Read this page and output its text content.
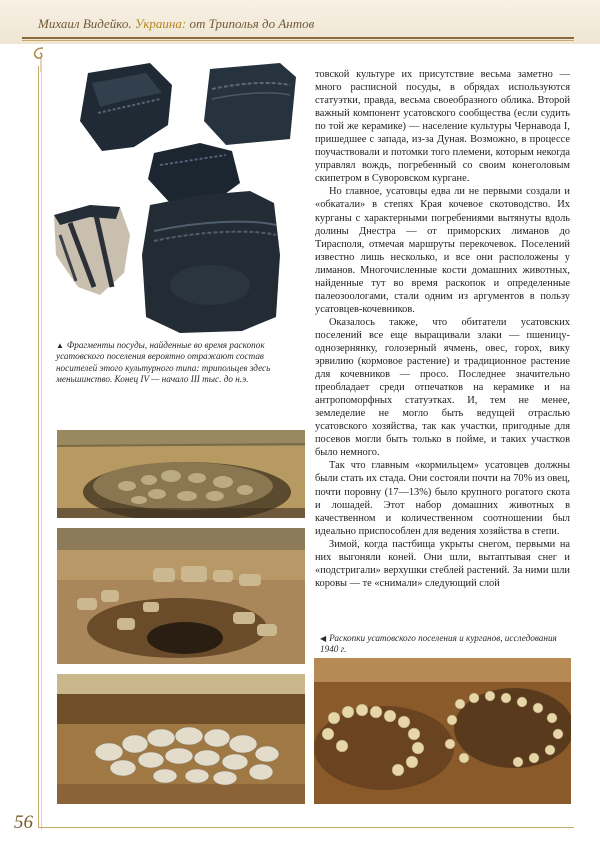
Михаил Видейко. Украина: от Триполья до Антов
▲ Фрагменты посуды, найденные во время раскопок усатовского поселения вероятно отражают состав носителей этого культурного типа: трипольцев здесь меньшинство. Конец IV — начало III тыс. до н.э.
◀ Раскопки усатовского поселения и курганов, исследования 1940 г.

товской культуре их присутствие весьма заметно — много расписной посуды, в обрядах используются статуэтки, правда, весьма своеобразного облика. Второй важный компонент усатовского сообщества (если судить по той же керамике) — население культуры Чернавода I, пришедшее с запада, из-за Дуная. Возможно, в процессе поучаствовали и потомки того племени, которым некогда управлял вождь, погребенный со своим конеголовым скипетром в Суворовском кургане.

Но главное, усатовцы едва ли не первыми создали и «обкатали» в степях Края кочевое скотоводство. Их курганы с характерными погребениями вытянуты вдоль долины Днестра — от приморских лиманов до Тирасполя, отмечая маршруты перекочевок. Поселений известно лишь несколько, и все они расположены у лиманов. Многочисленные кости домашних животных, найденные тут во время раскопок и определенные палеозоологами, стали одним из аргументов в пользу усатовцев-кочевников.

Оказалось также, что обитатели усатовских поселений все еще выращивали злаки — пшеницу-однозернянку, голозерный ячмень, овес, горох, вику эрвилию (кормовое растение) и традиционное растение для кочевников — просо. Последнее значительно преобладает среди отпечатков на керамике и на антропоморфных статуэтках. И, тем не менее, земледелие не могло быть ведущей отраслью усатовского хозяйства, так как участки, пригодные для посевов могли быть только в пойме, и таких участков было немного.

Так что главным «кормильцем» усатовцев должны были стать их стада. Они состояли почти на 70% из овец, почти поровну (17—13%) было крупного рогатого скота и лошадей. Этот набор домашних животных в качественном и количественном соотношении был идеально приспособлен для ведения хозяйства в степи.

Зимой, когда пастбища укрыты снегом, первыми на них выгоняли коней. Они шли, вытаптывая снег и «подстригали» верхушки стеблей растений. За ними шли коровы — те «снимали» следующий слой

56
